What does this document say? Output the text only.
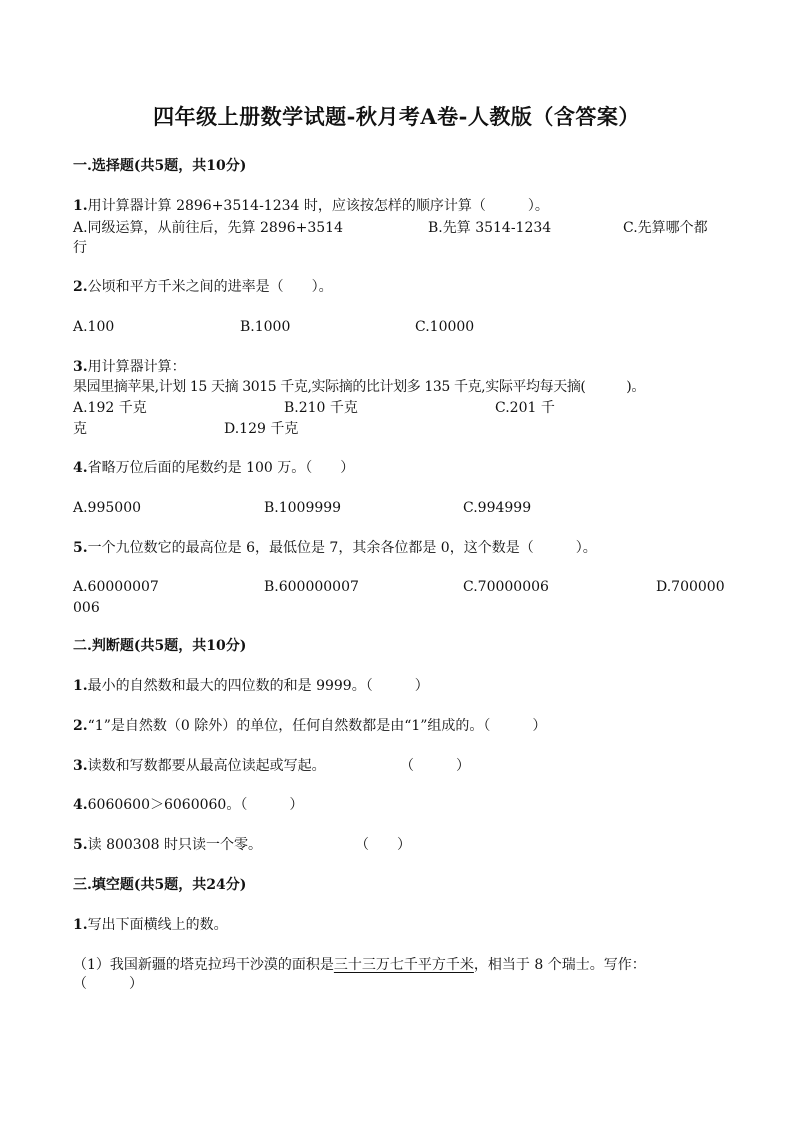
四年级上册数学试题-秋月考A卷-人教版（含答案）
一.选择题(共5题，共10分)
1.用计算器计算 2896+3514-1234 时，应该按怎样的顺序计算（　　　）。
A.同级运算，从前往后，先算 2896+3514	B.先算 3514-1234	C.先算哪个都
行
2.公顷和平方千米之间的进率是（　　）。
A.100	B.1000	C.10000
3.用计算器计算：
果园里摘苹果,计划 15 天摘 3015 千克,实际摘的比计划多 135 千克,实际平均每天摘(　　　)。
A.192 千克	B.210 千克	C.201 千
克	D.129 千克
4.省略万位后面的尾数约是 100 万。（　　）
A.995000	B.1009999	C.994999
5.一个九位数它的最高位是 6，最低位是 7，其余各位都是 0，这个数是（　　　）。
A.60000007	B.600000007	C.70000006	D.700000
006
二.判断题(共5题，共10分)
1.最小的自然数和最大的四位数的和是 9999。（　　　）
2.“1”是自然数（0 除外）的单位，任何自然数都是由“1”组成的。（　　　）
3.读数和写数都要从最高位读起或写起。	（　　　）
4.6060600＞6060060。（　　　）
5.读 800308 时只读一个零。	（　　）
三.填空题(共5题，共24分)
1.写出下面横线上的数。
（1）我国新疆的塔克拉玛干沙漠的面积是三十三万七千平方千米，相当于 8 个瑞士。写作：
（　　　）
